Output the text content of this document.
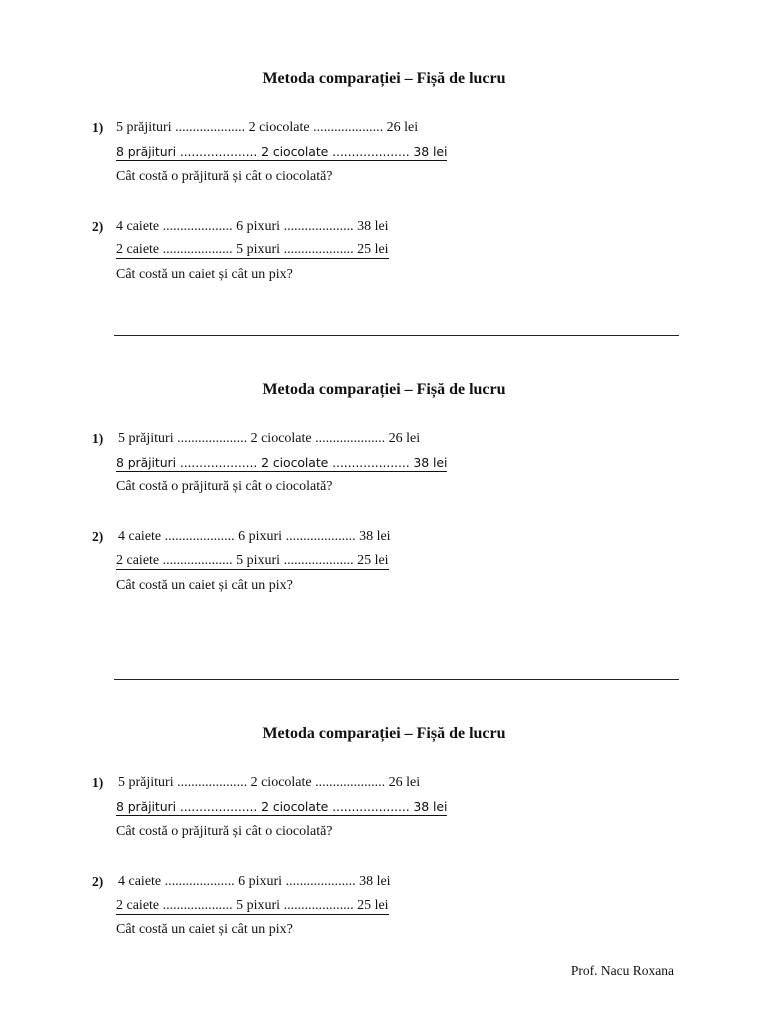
Metoda comparației – Fișă de lucru
1) 5 prăjituri .................... 2 ciocolate .................... 26 lei
8 prăjituri .................... 2 ciocolate .................... 38 lei
Cât costă o prăjitură și cât o ciocolată?
2) 4 caiete .................... 6 pixuri .................... 38 lei
2 caiete .................... 5 pixuri .................... 25 lei
Cât costă un caiet și cât un pix?
Metoda comparației – Fișă de lucru
1) 5 prăjituri .................... 2 ciocolate .................... 26 lei
8 prăjituri .................... 2 ciocolate .................... 38 lei
Cât costă o prăjitură și cât o ciocolată?
2) 4 caiete .................... 6 pixuri .................... 38 lei
2 caiete .................... 5 pixuri .................... 25 lei
Cât costă un caiet și cât un pix?
Metoda comparației – Fișă de lucru
1) 5 prăjituri .................... 2 ciocolate .................... 26 lei
8 prăjituri .................... 2 ciocolate .................... 38 lei
Cât costă o prăjitură și cât o ciocolată?
2) 4 caiete .................... 6 pixuri .................... 38 lei
2 caiete .................... 5 pixuri .................... 25 lei
Cât costă un caiet și cât un pix?
Prof. Nacu Roxana
